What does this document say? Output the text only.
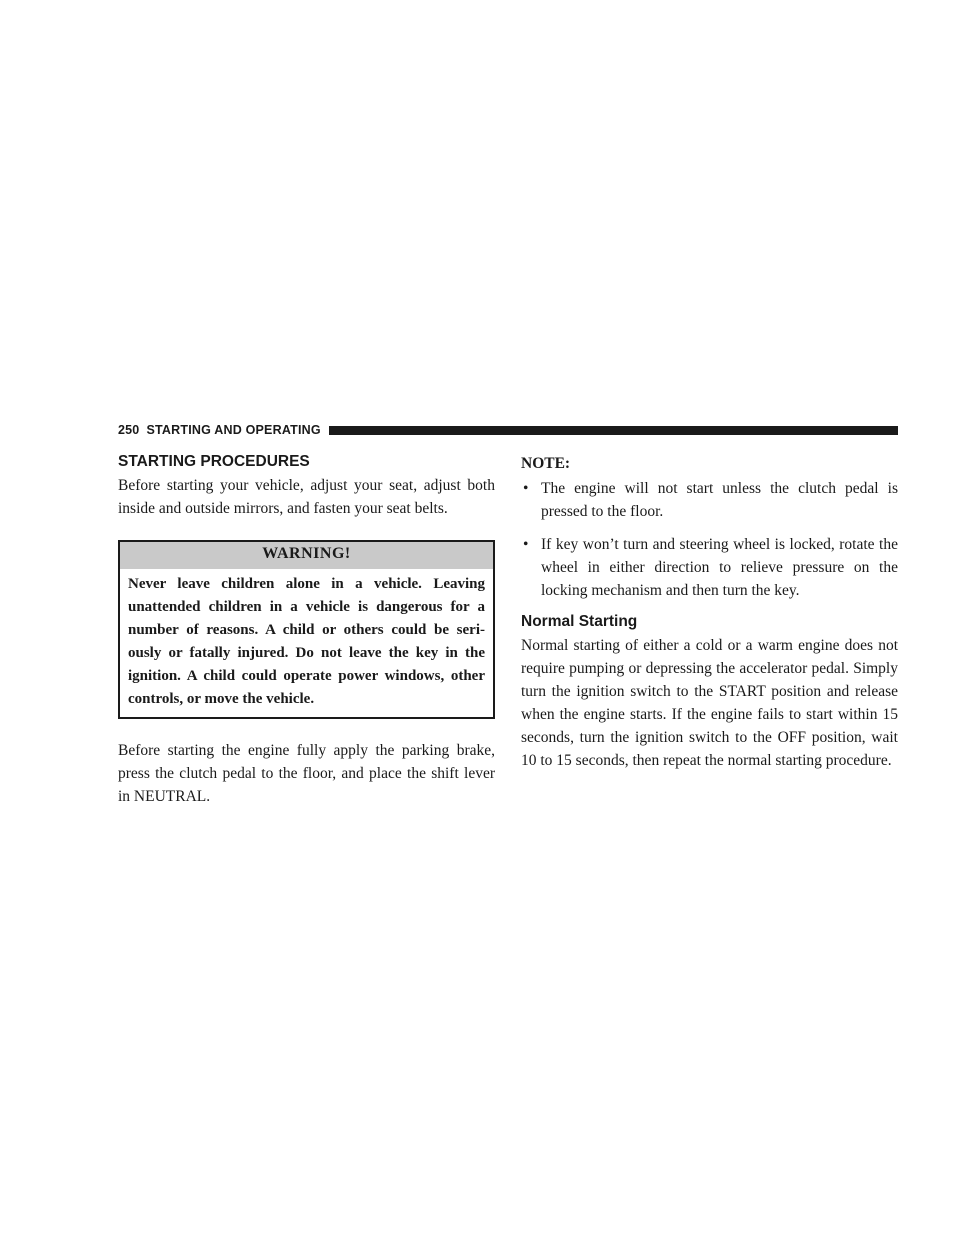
250 STARTING AND OPERATING
STARTING PROCEDURES

Before starting your vehicle, adjust your seat, adjust both inside and outside mirrors, and fasten your seat belts.

WARNING!
Never leave children alone in a vehicle. Leaving unattended children in a vehicle is dangerous for a number of reasons. A child or others could be seri- ously or fatally injured. Do not leave the key in the ignition. A child could operate power windows, other controls, or move the vehicle.

Before starting the engine fully apply the parking brake, press the clutch pedal to the floor, and place the shift lever in NEUTRAL.

NOTE:
• The engine will not start unless the clutch pedal is pressed to the floor.
• If key won’t turn and steering wheel is locked, rotate the wheel in either direction to relieve pressure on the locking mechanism and then turn the key.
Normal Starting

Normal starting of either a cold or a warm engine does not require pumping or depressing the accelerator pedal. Simply turn the ignition switch to the START position and release when the engine starts. If the engine fails to start within 15 seconds, turn the ignition switch to the OFF position, wait 10 to 15 seconds, then repeat the normal starting procedure.
